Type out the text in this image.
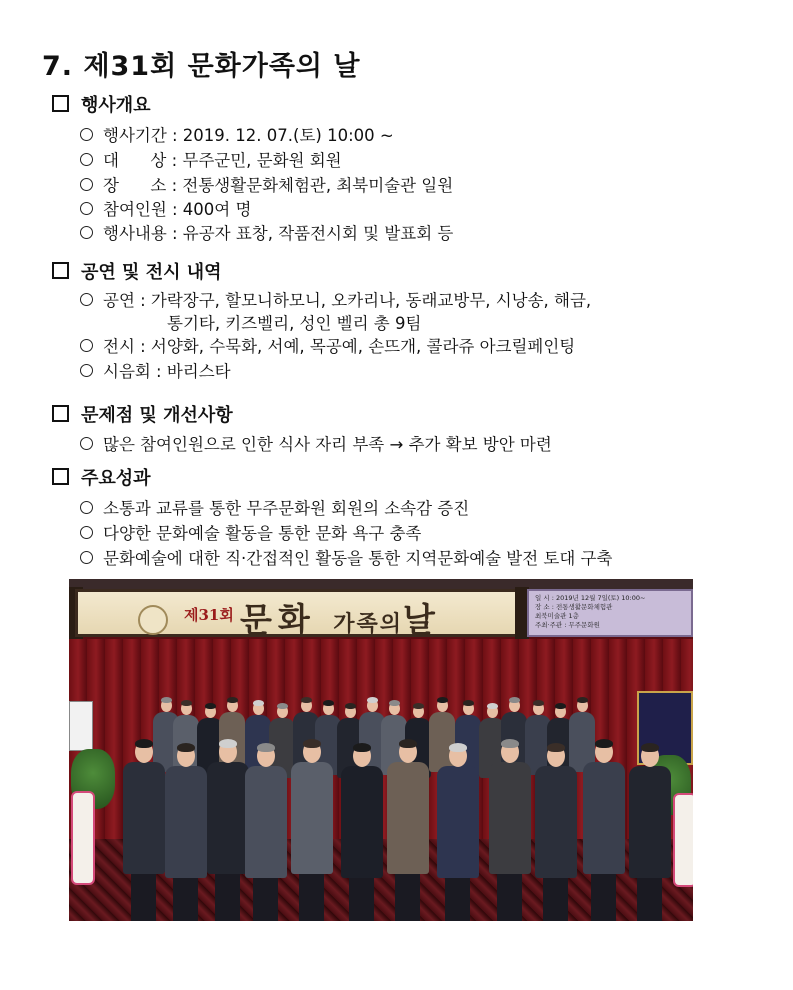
7. 제31회 문화가족의 날
행사개요
행사기간 : 2019. 12. 07.(토) 10:00 ~
대      상 : 무주군민, 문화원 회원
장      소 : 전통생활문화체험관, 최북미술관 일원
참여인원 : 400여 명
행사내용 : 유공자 표창, 작품전시회 및 발표회 등
공연 및 전시 내역
공연 : 가락장구, 할모니하모니, 오카리나, 동래교방무, 시낭송, 해금,
통기타, 키즈벨리, 성인 벨리 총 9팀
전시 : 서양화, 수묵화, 서예, 목공예, 손뜨개, 콜라쥬 아크릴페인팅
시음회 : 바리스타
문제점 및 개선사항
많은 참여인원으로 인한 식사 자리 부족 → 추가 확보 방안 마련
주요성과
소통과 교류를 통한 무주문화원 회원의 소속감 증진
다양한 문화예술 활동을 통한 문화 욕구 충족
문화예술에 대한 직·간접적인 활동을 통한 지역문화예술 발전 토대 구축
제31회 문화 가족의날
일 시 : 2019년 12월 7일(토) 10:00~
장 소 : 전통생활문화체험관
최북미술관 1층
주최·주관 : 무주문화원
